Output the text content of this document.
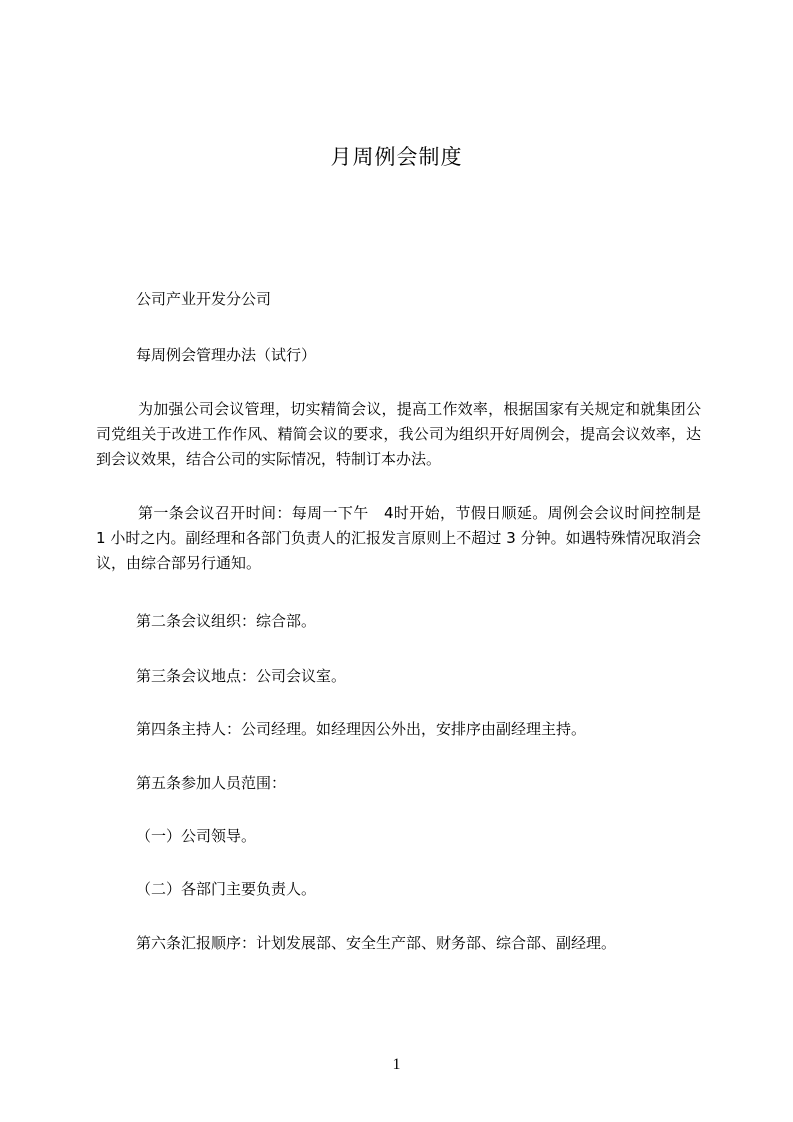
月周例会制度

公司产业开发分公司

每周例会管理办法（试行）

为加强公司会议管理，切实精简会议，提高工作效率，根据国家有关规定和就集团公司党组关于改进工作作风、精简会议的要求，我公司为组织开好周例会，提高会议效率，达到会议效果，结合公司的实际情况，特制订本办法。

第一条会议召开时间：每周一下午　4时开始，节假日顺延。周例会会议时间控制是 1 小时之内。副经理和各部门负责人的汇报发言原则上不超过 3 分钟。如遇特殊情况取消会议，由综合部另行通知。

第二条会议组织：综合部。

第三条会议地点：公司会议室。

第四条主持人：公司经理。如经理因公外出，安排序由副经理主持。

第五条参加人员范围：

（一）公司领导。

（二）各部门主要负责人。

第六条汇报顺序：计划发展部、安全生产部、财务部、综合部、副经理。

1
